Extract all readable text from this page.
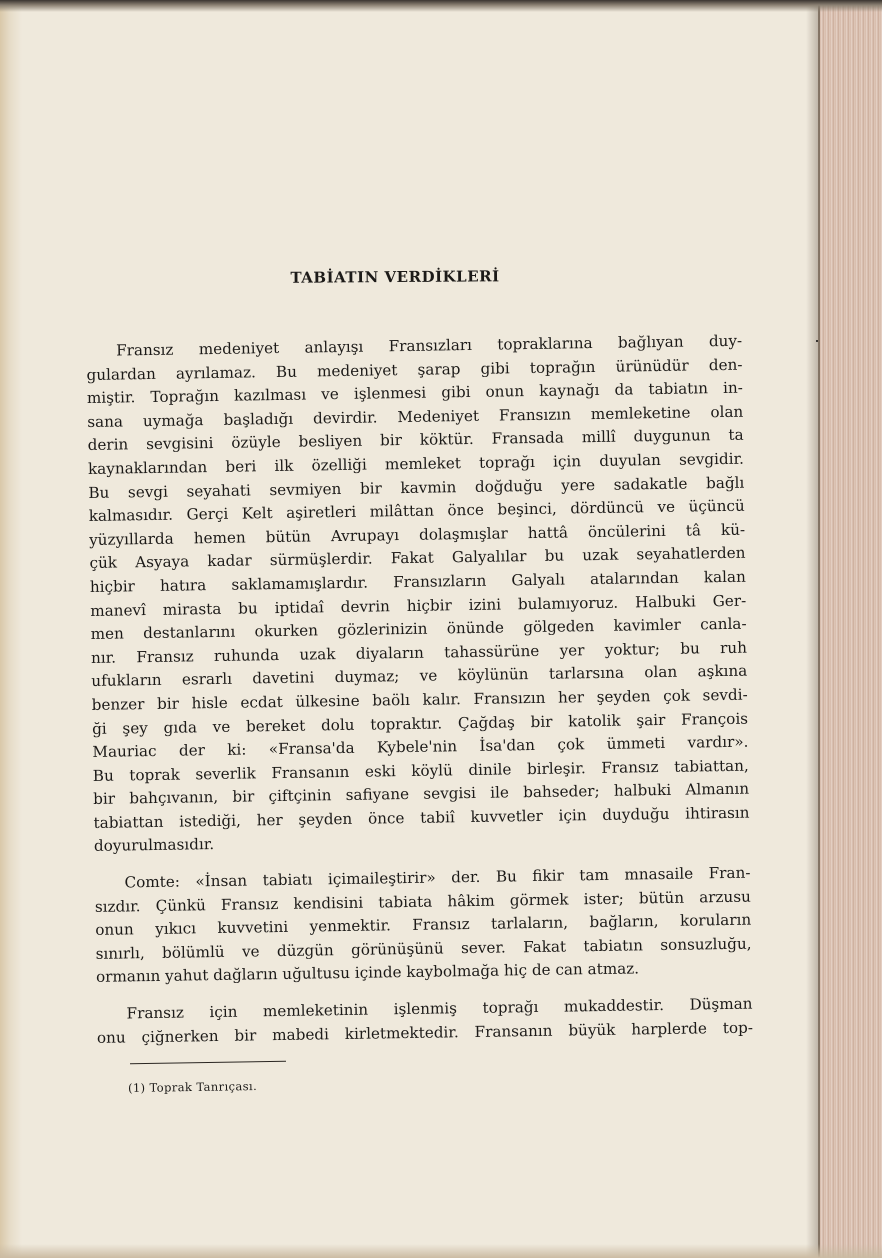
TABİATIN VERDİKLERİ
Fransız medeniyet anlayışı Fransızları topraklarına bağlıyan duy-
gulardan ayrılamaz. Bu medeniyet şarap gibi toprağın ürünüdür den-
miştir. Toprağın kazılması ve işlenmesi gibi onun kaynağı da tabiatın in-
sana uymağa başladığı devirdir. Medeniyet Fransızın memleketine olan
derin sevgisini özüyle besliyen bir köktür. Fransada millî duygunun ta
kaynaklarından beri ilk özelliği memleket toprağı için duyulan sevgidir.
Bu sevgi seyahati sevmiyen bir kavmin doğduğu yere sadakatle bağlı
kalmasıdır. Gerçi Kelt aşiretleri milâttan önce beşinci, dördüncü ve üçüncü
yüzyıllarda hemen bütün Avrupayı dolaşmışlar hattâ öncülerini tâ kü-
çük Asyaya kadar sürmüşlerdir. Fakat Galyalılar bu uzak seyahatlerden
hiçbir hatıra saklamamışlardır. Fransızların Galyalı atalarından kalan
manevî mirasta bu iptidaî devrin hiçbir izini bulamıyoruz. Halbuki Ger-
men destanlarını okurken gözlerinizin önünde gölgeden kavimler canla-
nır. Fransız ruhunda uzak diyaların tahassürüne yer yoktur; bu ruh
ufukların esrarlı davetini duymaz; ve köylünün tarlarsına olan aşkına
benzer bir hisle ecdat ülkesine baölı kalır. Fransızın her şeyden çok sevdi-
ği şey gıda ve bereket dolu topraktır. Çağdaş bir katolik şair François
Mauriac der ki: «Fransa'da Kybele'nin İsa'dan çok ümmeti vardır».
Bu toprak severlik Fransanın eski köylü dinile birleşir. Fransız tabiattan,
bir bahçıvanın, bir çiftçinin safiyane sevgisi ile bahseder; halbuki Almanın
tabiattan istediği, her şeyden önce tabiî kuvvetler için duyduğu ihtirasın
doyurulmasıdır.
Comte: «İnsan tabiatı içimaileştirir» der. Bu fikir tam mnasaile Fran-
sızdır. Çünkü Fransız kendisini tabiata hâkim görmek ister; bütün arzusu
onun yıkıcı kuvvetini yenmektir. Fransız tarlaların, bağların, koruların
sınırlı, bölümlü ve düzgün görünüşünü sever. Fakat tabiatın sonsuzluğu,
ormanın yahut dağların uğultusu içinde kaybolmağa hiç de can atmaz.
Fransız için memleketinin işlenmiş toprağı mukaddestir. Düşman
onu çiğnerken bir mabedi kirletmektedir. Fransanın büyük harplerde top-
(1) Toprak Tanrıçası.
